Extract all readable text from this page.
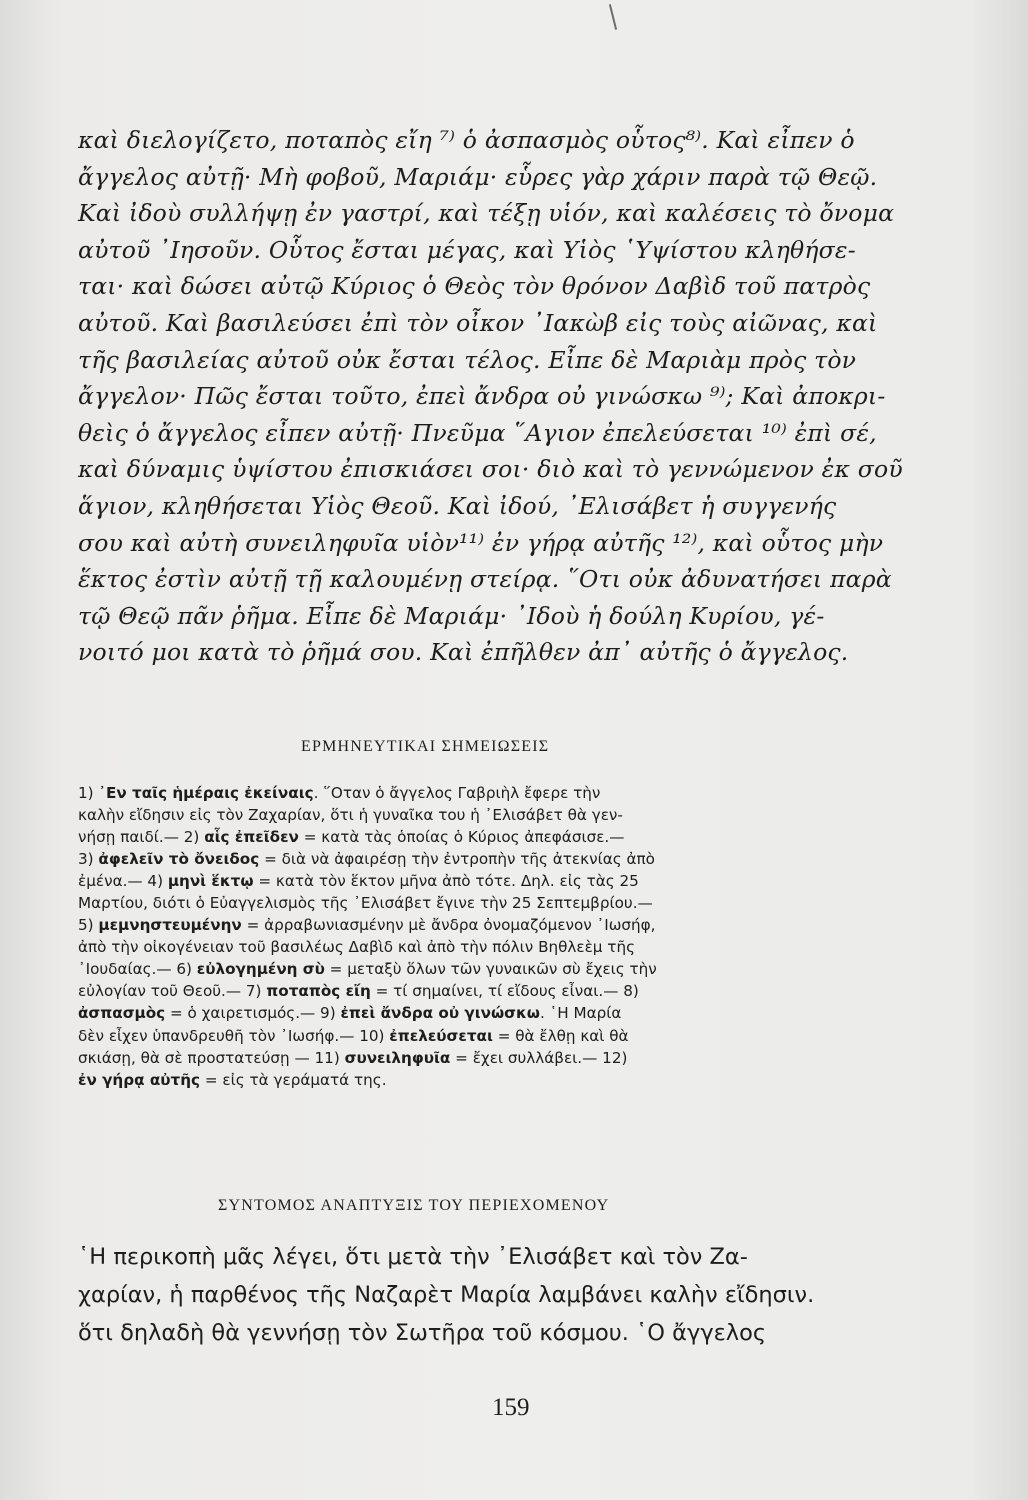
καὶ διελογίζετο, ποταπὸς εἴη ⁷⁾ ὁ ἀσπασμὸς οὗτος⁸⁾. Καὶ εἶπεν ὁ
ἄγγελος αὐτῇ· Μὴ φοβοῦ, Μαριάμ· εὗρες γὰρ χάριν παρὰ τῷ Θεῷ.
Καὶ ἰδοὺ συλλήψῃ ἐν γαστρί, καὶ τέξῃ υἱόν, καὶ καλέσεις τὸ ὄνομα
αὐτοῦ ᾿Ιησοῦν. Οὗτος ἔσται μέγας, καὶ Υἱὸς ῾Υψίστου κληθήσε-
ται· καὶ δώσει αὐτῷ Κύριος ὁ Θεὸς τὸν θρόνον Δαβὶδ τοῦ πατρὸς
αὐτοῦ. Καὶ βασιλεύσει ἐπὶ τὸν οἶκον ᾿Ιακὼβ εἰς τοὺς αἰῶνας, καὶ
τῆς βασιλείας αὐτοῦ οὐκ ἔσται τέλος. Εἶπε δὲ Μαριὰμ πρὸς τὸν
ἄγγελον· Πῶς ἔσται τοῦτο, ἐπεὶ ἄνδρα οὐ γινώσκω ⁹⁾; Καὶ ἀποκρι-
θεὶς ὁ ἄγγελος εἶπεν αὐτῇ· Πνεῦμα ῞Αγιον ἐπελεύσεται ¹⁰⁾ ἐπὶ σέ,
καὶ δύναμις ὑψίστου ἐπισκιάσει σοι· διὸ καὶ τὸ γεννώμενον ἐκ σοῦ
ἅγιον, κληθήσεται Υἱὸς Θεοῦ. Καὶ ἰδού, ᾿Ελισάβετ ἡ συγγενής
σου καὶ αὐτὴ συνειληφυῖα υἱὸν¹¹⁾ ἐν γήρᾳ αὐτῆς ¹²⁾, καὶ οὗτος μὴν
ἕκτος ἐστὶν αὐτῇ τῇ καλουμένῃ στείρᾳ. ῞Οτι οὐκ ἀδυνατήσει παρὰ
τῷ Θεῷ πᾶν ῥῆμα. Εἶπε δὲ Μαριάμ· ᾿Ιδοὺ ἡ δούλη Κυρίου, γέ-
νοιτό μοι κατὰ τὸ ῥῆμά σου. Καὶ ἐπῆλθεν ἀπ᾿ αὐτῆς ὁ ἄγγελος.
ΕΡΜΗΝΕΥΤΙΚΑΙ ΣΗΜΕΙΩΣΕΙΣ
1) ᾿Εν ταῖς ἡμέραις ἐκείναις. ῞Οταν ὁ ἄγγελος Γαβριὴλ ἔφερε τὴν
καλὴν εἴδησιν εἰς τὸν Ζαχαρίαν, ὅτι ἡ γυναῖκα του ἡ ᾿Ελισάβετ θὰ γεν-
νήσῃ παιδί.— 2) αἷς ἐπεῖδεν = κατὰ τὰς ὁποίας ὁ Κύριος ἀπεφάσισε.—
3) ἀφελεῖν τὸ ὄνειδος = διὰ νὰ ἀφαιρέσῃ τὴν ἐντροπὴν τῆς ἀτεκνίας ἀπὸ
ἐμένα.— 4) μηνὶ ἕκτῳ = κατὰ τὸν ἕκτον μῆνα ἀπὸ τότε. Δηλ. εἰς τὰς 25
Μαρτίου, διότι ὁ Εὐαγγελισμὸς τῆς ᾿Ελισάβετ ἔγινε τὴν 25 Σεπτεμβρίου.—
5) μεμνηστευμένην = ἀρραβωνιασμένην μὲ ἄνδρα ὀνομαζόμενον ᾿Ιωσήφ,
ἀπὸ τὴν οἰκογένειαν τοῦ βασιλέως Δαβὶδ καὶ ἀπὸ τὴν πόλιν Βηθλεὲμ τῆς
᾿Ιουδαίας.— 6) εὐλογημένη σὺ = μεταξὺ ὅλων τῶν γυναικῶν σὺ ἔχεις τὴν
εὐλογίαν τοῦ Θεοῦ.— 7) ποταπὸς εἴη = τί σημαίνει, τί εἴδους εἶναι.— 8)
ἀσπασμὸς = ὁ χαιρετισμός.— 9) ἐπεὶ ἄνδρα οὐ γινώσκω. ῾Η Μαρία
δὲν εἶχεν ὑπανδρευθῆ τὸν ᾿Ιωσήφ.— 10) ἐπελεύσεται = θὰ ἔλθῃ καὶ θὰ
σκιάσῃ, θὰ σὲ προστατεύσῃ — 11) συνειληφυῖα = ἔχει συλλάβει.— 12)
ἐν γήρᾳ αὐτῆς = εἰς τὰ γεράματά της.
ΣΥΝΤΟΜΟΣ ΑΝΑΠΤΥΞΙΣ ΤΟΥ ΠΕΡΙΕΧΟΜΕΝΟΥ
῾Η περικοπὴ μᾶς λέγει, ὅτι μετὰ τὴν ᾿Ελισάβετ καὶ τὸν Ζα-
χαρίαν, ἡ παρθένος τῆς Ναζαρὲτ Μαρία λαμβάνει καλὴν εἴδησιν.
ὅτι δηλαδὴ θὰ γεννήσῃ τὸν Σωτῆρα τοῦ κόσμου. ῾Ο ἄγγελος
159
